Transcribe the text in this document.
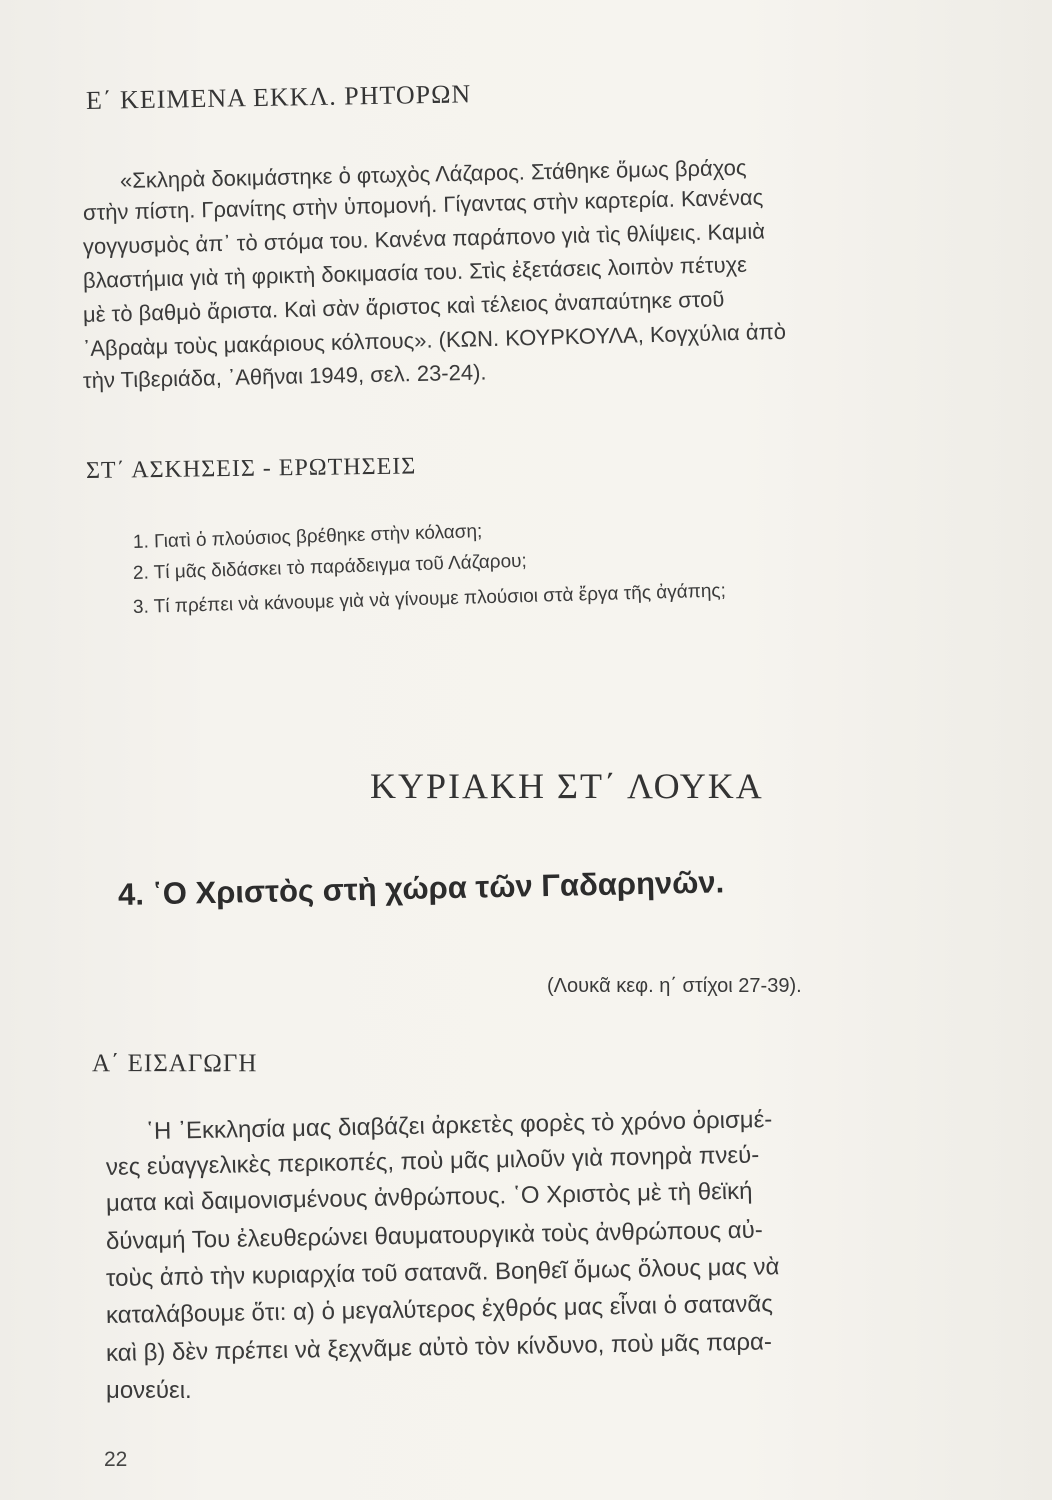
Ε΄ ΚΕΙΜΕΝΑ ΕΚΚΛ. ΡΗΤΟΡΩΝ
«Σκληρὰ δοκιμάστηκε ὁ φτωχὸς Λάζαρος. Στάθηκε ὅμως βράχος
στὴν πίστη. Γρανίτης στὴν ὑπομονή. Γίγαντας στὴν καρτερία. Κανένας
γογγυσμὸς ἀπ᾽ τὸ στόμα του. Κανένα παράπονο γιὰ τὶς θλίψεις. Καμιὰ
βλαστήμια γιὰ τὴ φρικτὴ δοκιμασία του. Στὶς ἐξετάσεις λοιπὸν πέτυχε
μὲ τὸ βαθμὸ ἄριστα. Καὶ σὰν ἄριστος καὶ τέλειος ἀναπαύτηκε στοῦ
᾽Αβραὰμ τοὺς μακάριους κόλπους». (ΚΩΝ. ΚΟΥΡΚΟΥΛΑ, Κογχύλια ἀπὸ
τὴν Τιβεριάδα, ᾽Αθῆναι 1949, σελ. 23-24).
ΣΤ΄ ΑΣΚΗΣΕΙΣ - ΕΡΩΤΗΣΕΙΣ
1. Γιατὶ ὁ πλούσιος βρέθηκε στὴν κόλαση;
2. Τί μᾶς διδάσκει τὸ παράδειγμα τοῦ Λάζαρου;
3. Τί πρέπει νὰ κάνουμε γιὰ νὰ γίνουμε πλούσιοι στὰ ἔργα τῆς ἀγάπης;
ΚΥΡΙΑΚΗ ΣΤ΄ ΛΟΥΚΑ
4. ῾Ο Χριστὸς στὴ χώρα τῶν Γαδαρηνῶν.
(Λουκᾶ κεφ. η΄ στίχοι 27-39).
Α΄ ΕΙΣΑΓΩΓΗ
῾Η ᾽Εκκλησία μας διαβάζει ἀρκετὲς φορὲς τὸ χρόνο ὁρισμέ-
νες εὐαγγελικὲς περικοπές, ποὺ μᾶς μιλοῦν γιὰ πονηρὰ πνεύ-
ματα καὶ δαιμονισμένους ἀνθρώπους. ῾Ο Χριστὸς μὲ τὴ θεϊκή
δύναμή Του ἐλευθερώνει θαυματουργικὰ τοὺς ἀνθρώπους αὐ-
τοὺς ἀπὸ τὴν κυριαρχία τοῦ σατανᾶ. Βοηθεῖ ὅμως ὅλους μας νὰ
καταλάβουμε ὅτι: α) ὁ μεγαλύτερος ἐχθρός μας εἶναι ὁ σατανᾶς
καὶ β) δὲν πρέπει νὰ ξεχνᾶμε αὐτὸ τὸν κίνδυνο, ποὺ μᾶς παρα-
μονεύει.
22
